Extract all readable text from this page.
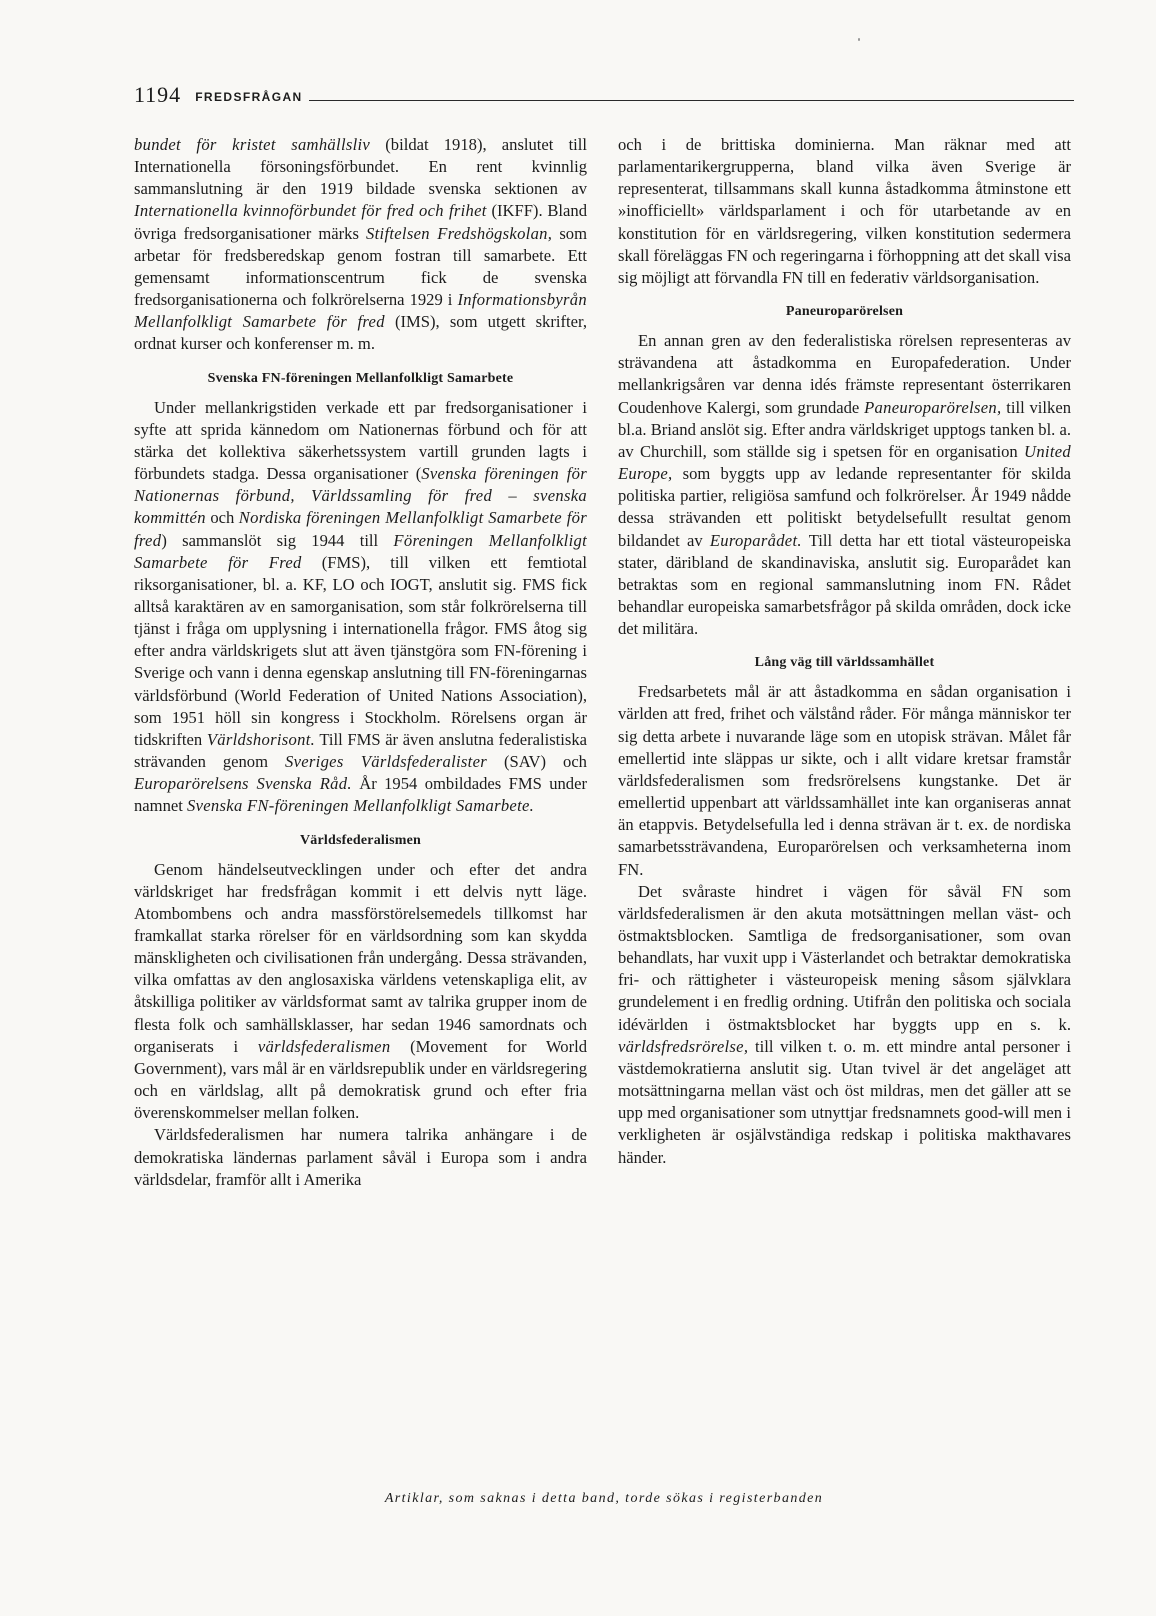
1194 FREDSFRÅGAN

bundet för kristet samhällsliv (bildat 1918), anslutet till Internationella försoningsförbundet. En rent kvinnlig sammanslutning är den 1919 bildade svenska sektionen av Internationella kvinnoförbundet för fred och frihet (IKFF). Bland övriga fredsorganisationer märks Stiftelsen Fredshögskolan, som arbetar för fredsberedskap genom fostran till samarbete. Ett gemensamt informationscentrum fick de svenska fredsorganisationerna och folkrörelserna 1929 i Informationsbyrån Mellanfolkligt Samarbete för fred (IMS), som utgett skrifter, ordnat kurser och konferenser m. m.

Svenska FN-föreningen Mellanfolkligt Samarbete

Under mellankrigstiden verkade ett par fredsorganisationer i syfte att sprida kännedom om Nationernas förbund och för att stärka det kollektiva säkerhetssystem vartill grunden lagts i förbundets stadga. Dessa organisationer (Svenska föreningen för Nationernas förbund, Världssamling för fred – svenska kommittén och Nordiska föreningen Mellanfolkligt Samarbete för fred) sammanslöt sig 1944 till Föreningen Mellanfolkligt Samarbete för Fred (FMS), till vilken ett femtiotal riksorganisationer, bl. a. KF, LO och IOGT, anslutit sig. FMS fick alltså karaktären av en samorganisation, som står folkrörelserna till tjänst i fråga om upplysning i internationella frågor. FMS åtog sig efter andra världskrigets slut att även tjänstgöra som FN-förening i Sverige och vann i denna egenskap anslutning till FN-föreningarnas världsförbund (World Federation of United Nations Association), som 1951 höll sin kongress i Stockholm. Rörelsens organ är tidskriften Världshorisont. Till FMS är även anslutna federalistiska strävanden genom Sveriges Världsfederalister (SAV) och Europarörelsens Svenska Råd. År 1954 ombildades FMS under namnet Svenska FN-föreningen Mellanfolkligt Samarbete.

Världsfederalismen

Genom händelseutvecklingen under och efter det andra världskriget har fredsfrågan kommit i ett delvis nytt läge. Atombombens och andra massförstörelsemedels tillkomst har framkallat starka rörelser för en världsordning som kan skydda mänskligheten och civilisationen från undergång. Dessa strävanden, vilka omfattas av den anglosaxiska världens vetenskapliga elit, av åtskilliga politiker av världsformat samt av talrika grupper inom de flesta folk och samhällsklasser, har sedan 1946 samordnats och organiserats i världsfederalismen (Movement for World Government), vars mål är en världsrepublik under en världsregering och en världslag, allt på demokratisk grund och efter fria överenskommelser mellan folken.

Världsfederalismen har numera talrika anhängare i de demokratiska ländernas parlament såväl i Europa som i andra världsdelar, framför allt i Amerika

och i de brittiska dominierna. Man räknar med att parlamentarikergrupperna, bland vilka även Sverige är representerat, tillsammans skall kunna åstadkomma åtminstone ett »inofficiellt» världsparlament i och för utarbetande av en konstitution för en världsregering, vilken konstitution sedermera skall föreläggas FN och regeringarna i förhoppning att det skall visa sig möjligt att förvandla FN till en federativ världsorganisation.

Paneuroparörelsen

En annan gren av den federalistiska rörelsen representeras av strävandena att åstadkomma en Europafederation. Under mellankrigsåren var denna idés främste representant österrikaren Coudenhove Kalergi, som grundade Paneuroparörelsen, till vilken bl.a. Briand anslöt sig. Efter andra världskriget upptogs tanken bl. a. av Churchill, som ställde sig i spetsen för en organisation United Europe, som byggts upp av ledande representanter för skilda politiska partier, religiösa samfund och folkrörelser. År 1949 nådde dessa strävanden ett politiskt betydelsefullt resultat genom bildandet av Europarådet. Till detta har ett tiotal västeuropeiska stater, däribland de skandinaviska, anslutit sig. Europarådet kan betraktas som en regional sammanslutning inom FN. Rådet behandlar europeiska samarbetsfrågor på skilda områden, dock icke det militära.

Lång väg till världssamhället

Fredsarbetets mål är att åstadkomma en sådan organisation i världen att fred, frihet och välstånd råder. För många människor ter sig detta arbete i nuvarande läge som en utopisk strävan. Målet får emellertid inte släppas ur sikte, och i allt vidare kretsar framstår världsfederalismen som fredsrörelsens kungstanke. Det är emellertid uppenbart att världssamhället inte kan organiseras annat än etappvis. Betydelsefulla led i denna strävan är t. ex. de nordiska samarbetssträvandena, Europarörelsen och verksamheterna inom FN.

Det svåraste hindret i vägen för såväl FN som världsfederalismen är den akuta motsättningen mellan väst- och östmaktsblocken. Samtliga de fredsorganisationer, som ovan behandlats, har vuxit upp i Västerlandet och betraktar demokratiska fri- och rättigheter i västeuropeisk mening såsom självklara grundelement i en fredlig ordning. Utifrån den politiska och sociala idévärlden i östmaktsblocket har byggts upp en s. k. världsfredsrörelse, till vilken t. o. m. ett mindre antal personer i västdemokratierna anslutit sig. Utan tvivel är det angeläget att motsättningarna mellan väst och öst mildras, men det gäller att se upp med organisationer som utnyttjar fredsnamnets good-will men i verkligheten är osjälvständiga redskap i politiska makthavares händer.

Artiklar, som saknas i detta band, torde sökas i registerbanden
